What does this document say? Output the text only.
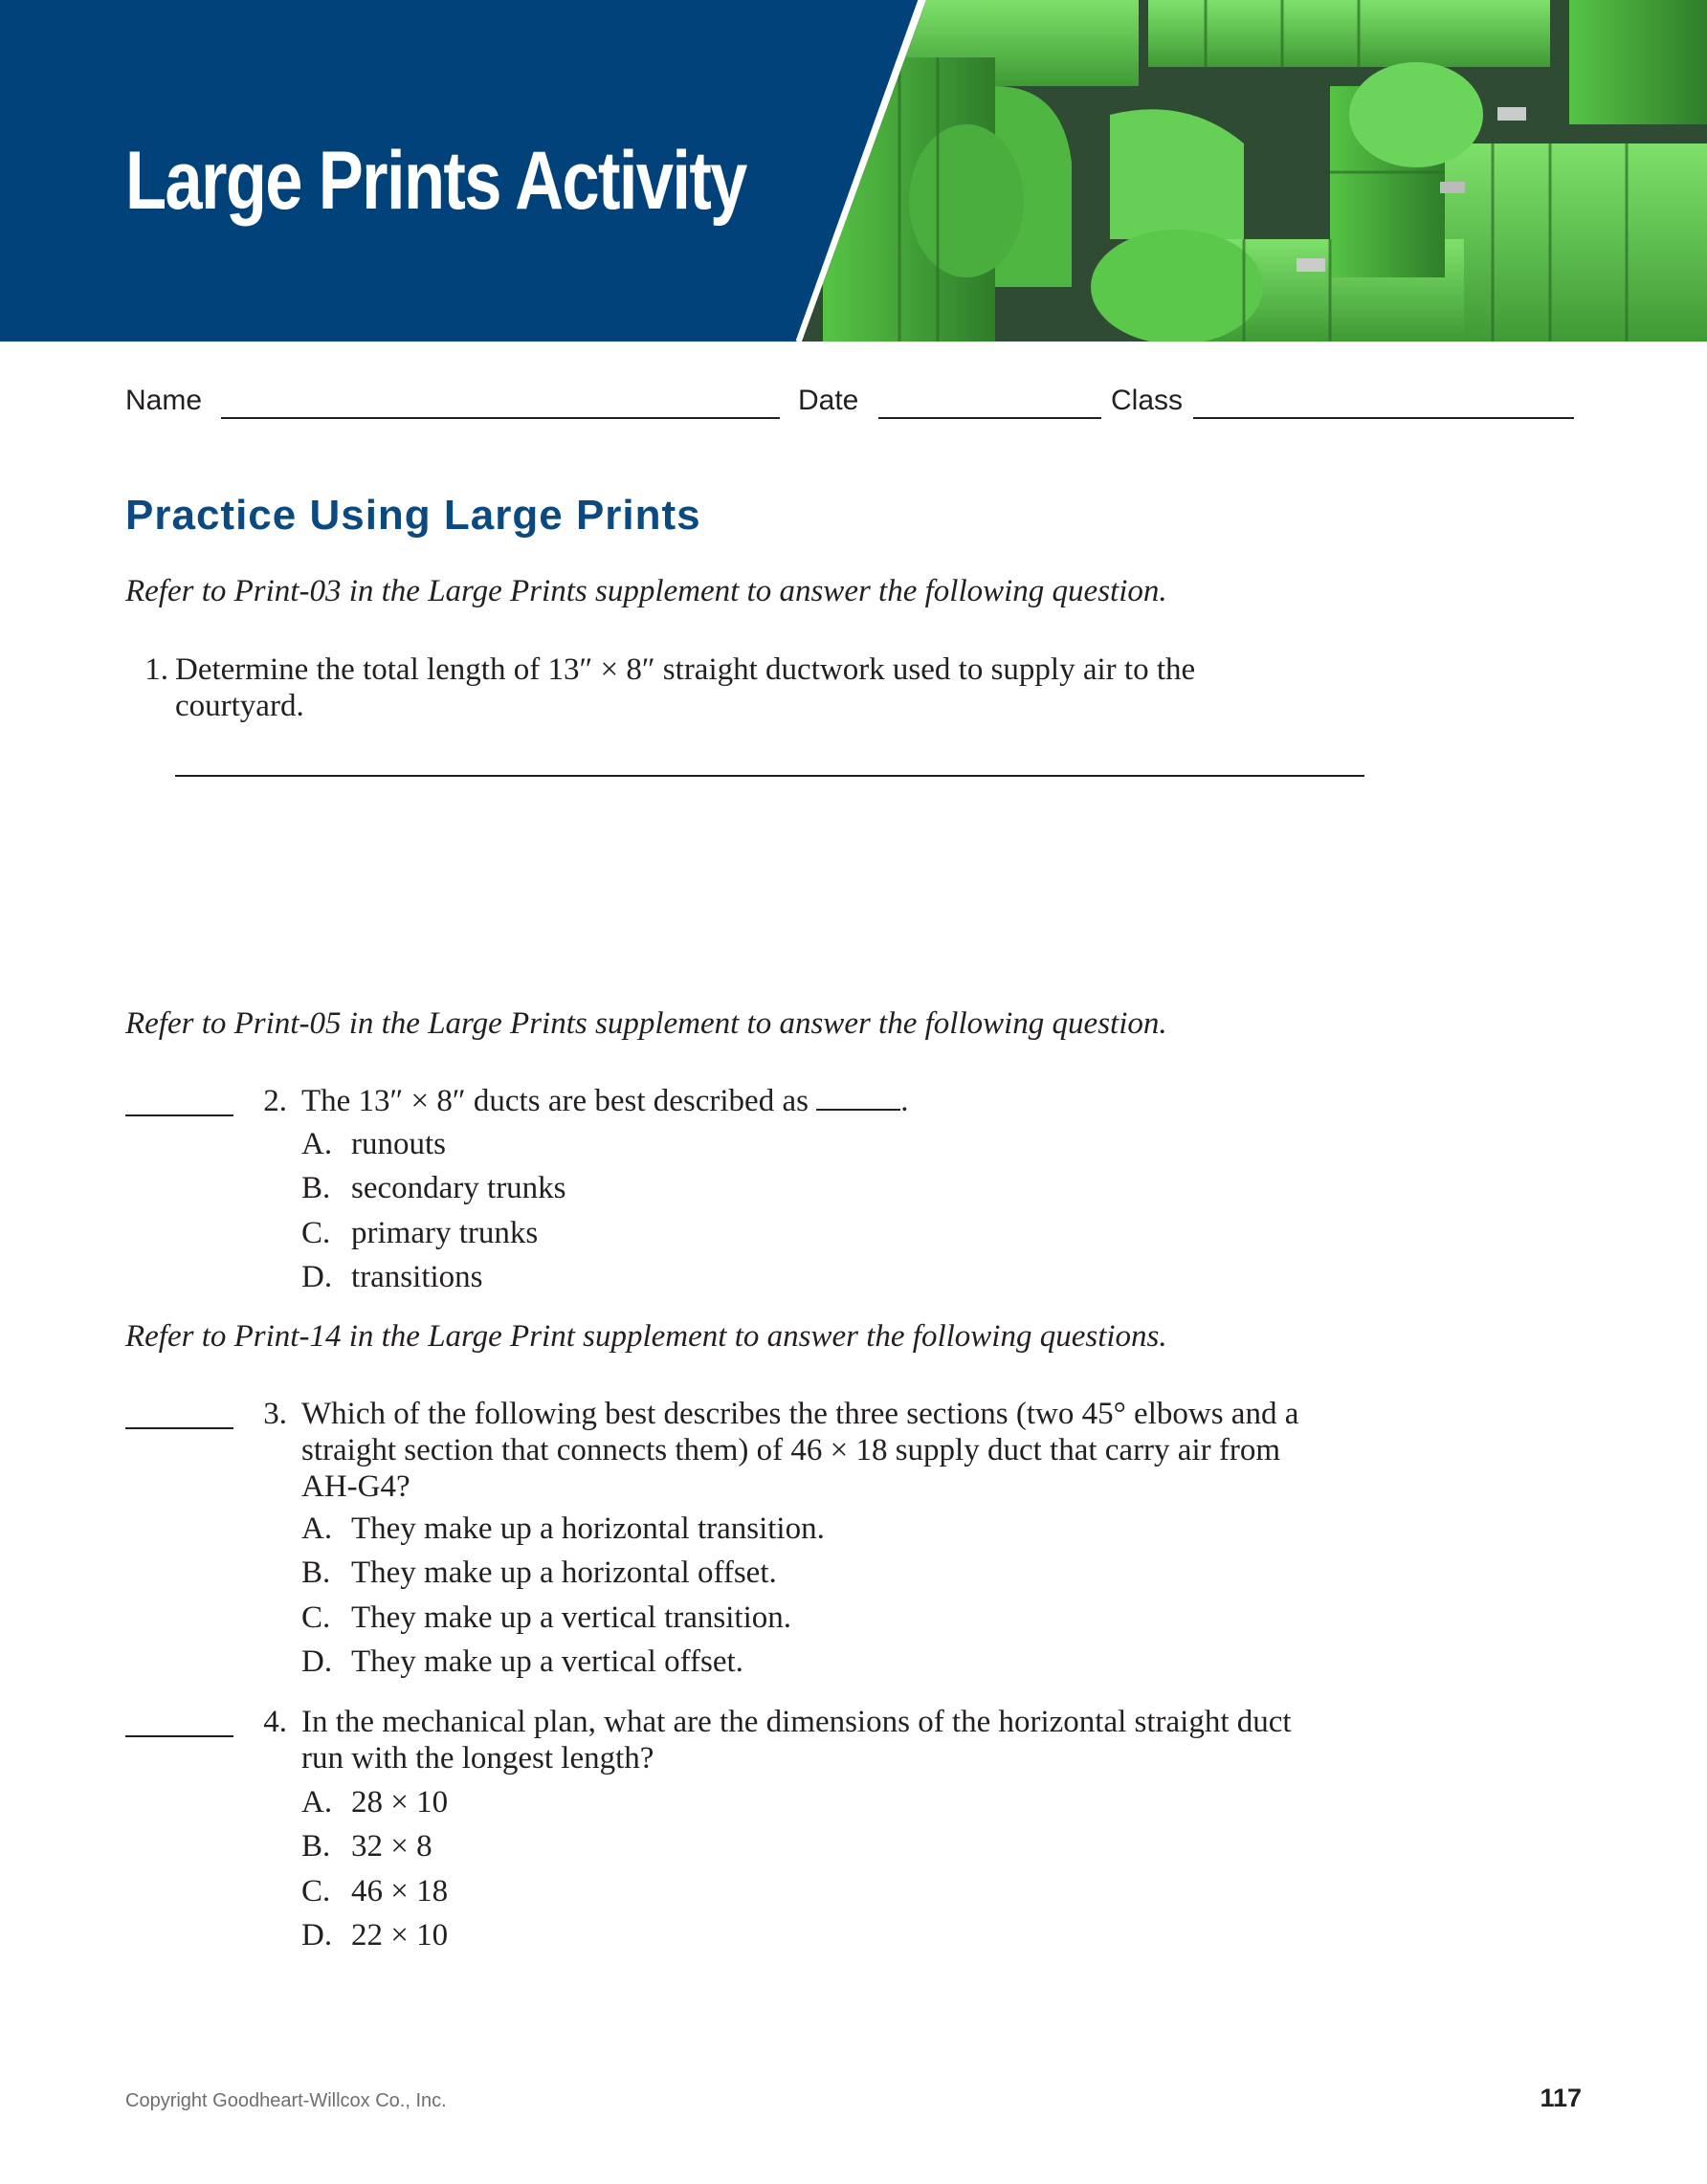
Large Prints Activity
Name	Date	Class
Practice Using Large Prints
Refer to Print-03 in the Large Prints supplement to answer the following question.
1. Determine the total length of 13″ × 8″ straight ductwork used to supply air to the
courtyard.
Refer to Print-05 in the Large Prints supplement to answer the following question.
2. The 13″ × 8″ ducts are best described as	.
A. runouts
B. secondary trunks
C. primary trunks
D. transitions
Refer to Print-14 in the Large Print supplement to answer the following questions.
3. Which of the following best describes the three sections (two 45° elbows and a
straight section that connects them) of 46 × 18 supply duct that carry air from
AH-G4?
A. They make up a horizontal transition.
B. They make up a horizontal offset.
C. They make up a vertical transition.
D. They make up a vertical offset.
4. In the mechanical plan, what are the dimensions of the horizontal straight duct
run with the longest length?
A. 28 × 10
B. 32 × 8
C. 46 × 18
D. 22 × 10
Copyright Goodheart-Willcox Co., Inc.	117
